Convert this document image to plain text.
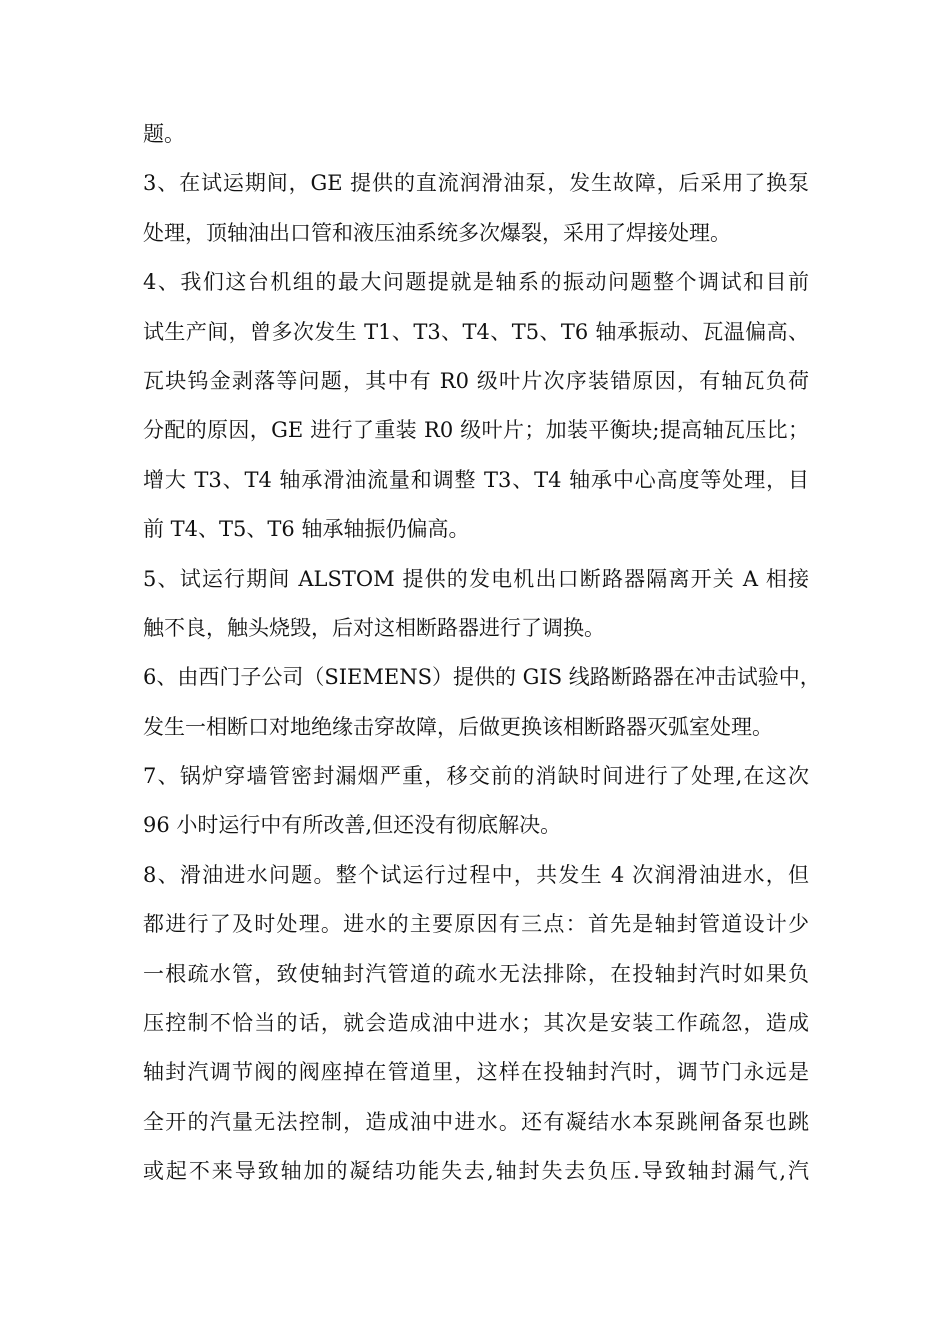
题。
3、在试运期间，GE 提供的直流润滑油泵，发生故障，后采用了换泵
处理，顶轴油出口管和液压油系统多次爆裂，采用了焊接处理。
4、我们这台机组的最大问题提就是轴系的振动问题整个调试和目前
试生产间，曾多次发生 T1、T3、T4、T5、T6 轴承振动、瓦温偏高、
瓦块钨金剥落等问题，其中有 R0 级叶片次序装错原因，有轴瓦负荷
分配的原因，GE 进行了重装 R0 级叶片；加装平衡块;提高轴瓦压比；
增大 T3、T4 轴承滑油流量和调整 T3、T4 轴承中心高度等处理，目
前 T4、T5、T6 轴承轴振仍偏高。
5、试运行期间 ALSTOM 提供的发电机出口断路器隔离开关 A 相接
触不良，触头烧毁，后对这相断路器进行了调换。
6、由西门子公司（SIEMENS）提供的 GIS 线路断路器在冲击试验中，
发生一相断口对地绝缘击穿故障，后做更换该相断路器灭弧室处理。
7、锅炉穿墙管密封漏烟严重，移交前的消缺时间进行了处理,在这次
96 小时运行中有所改善,但还没有彻底解决。
8、滑油进水问题。整个试运行过程中，共发生 4 次润滑油进水，但
都进行了及时处理。进水的主要原因有三点：首先是轴封管道设计少
一根疏水管，致使轴封汽管道的疏水无法排除，在投轴封汽时如果负
压控制不恰当的话，就会造成油中进水；其次是安装工作疏忽，造成
轴封汽调节阀的阀座掉在管道里，这样在投轴封汽时，调节门永远是
全开的汽量无法控制，造成油中进水。还有凝结水本泵跳闸备泵也跳
或起不来导致轴加的凝结功能失去,轴封失去负压.导致轴封漏气,汽
